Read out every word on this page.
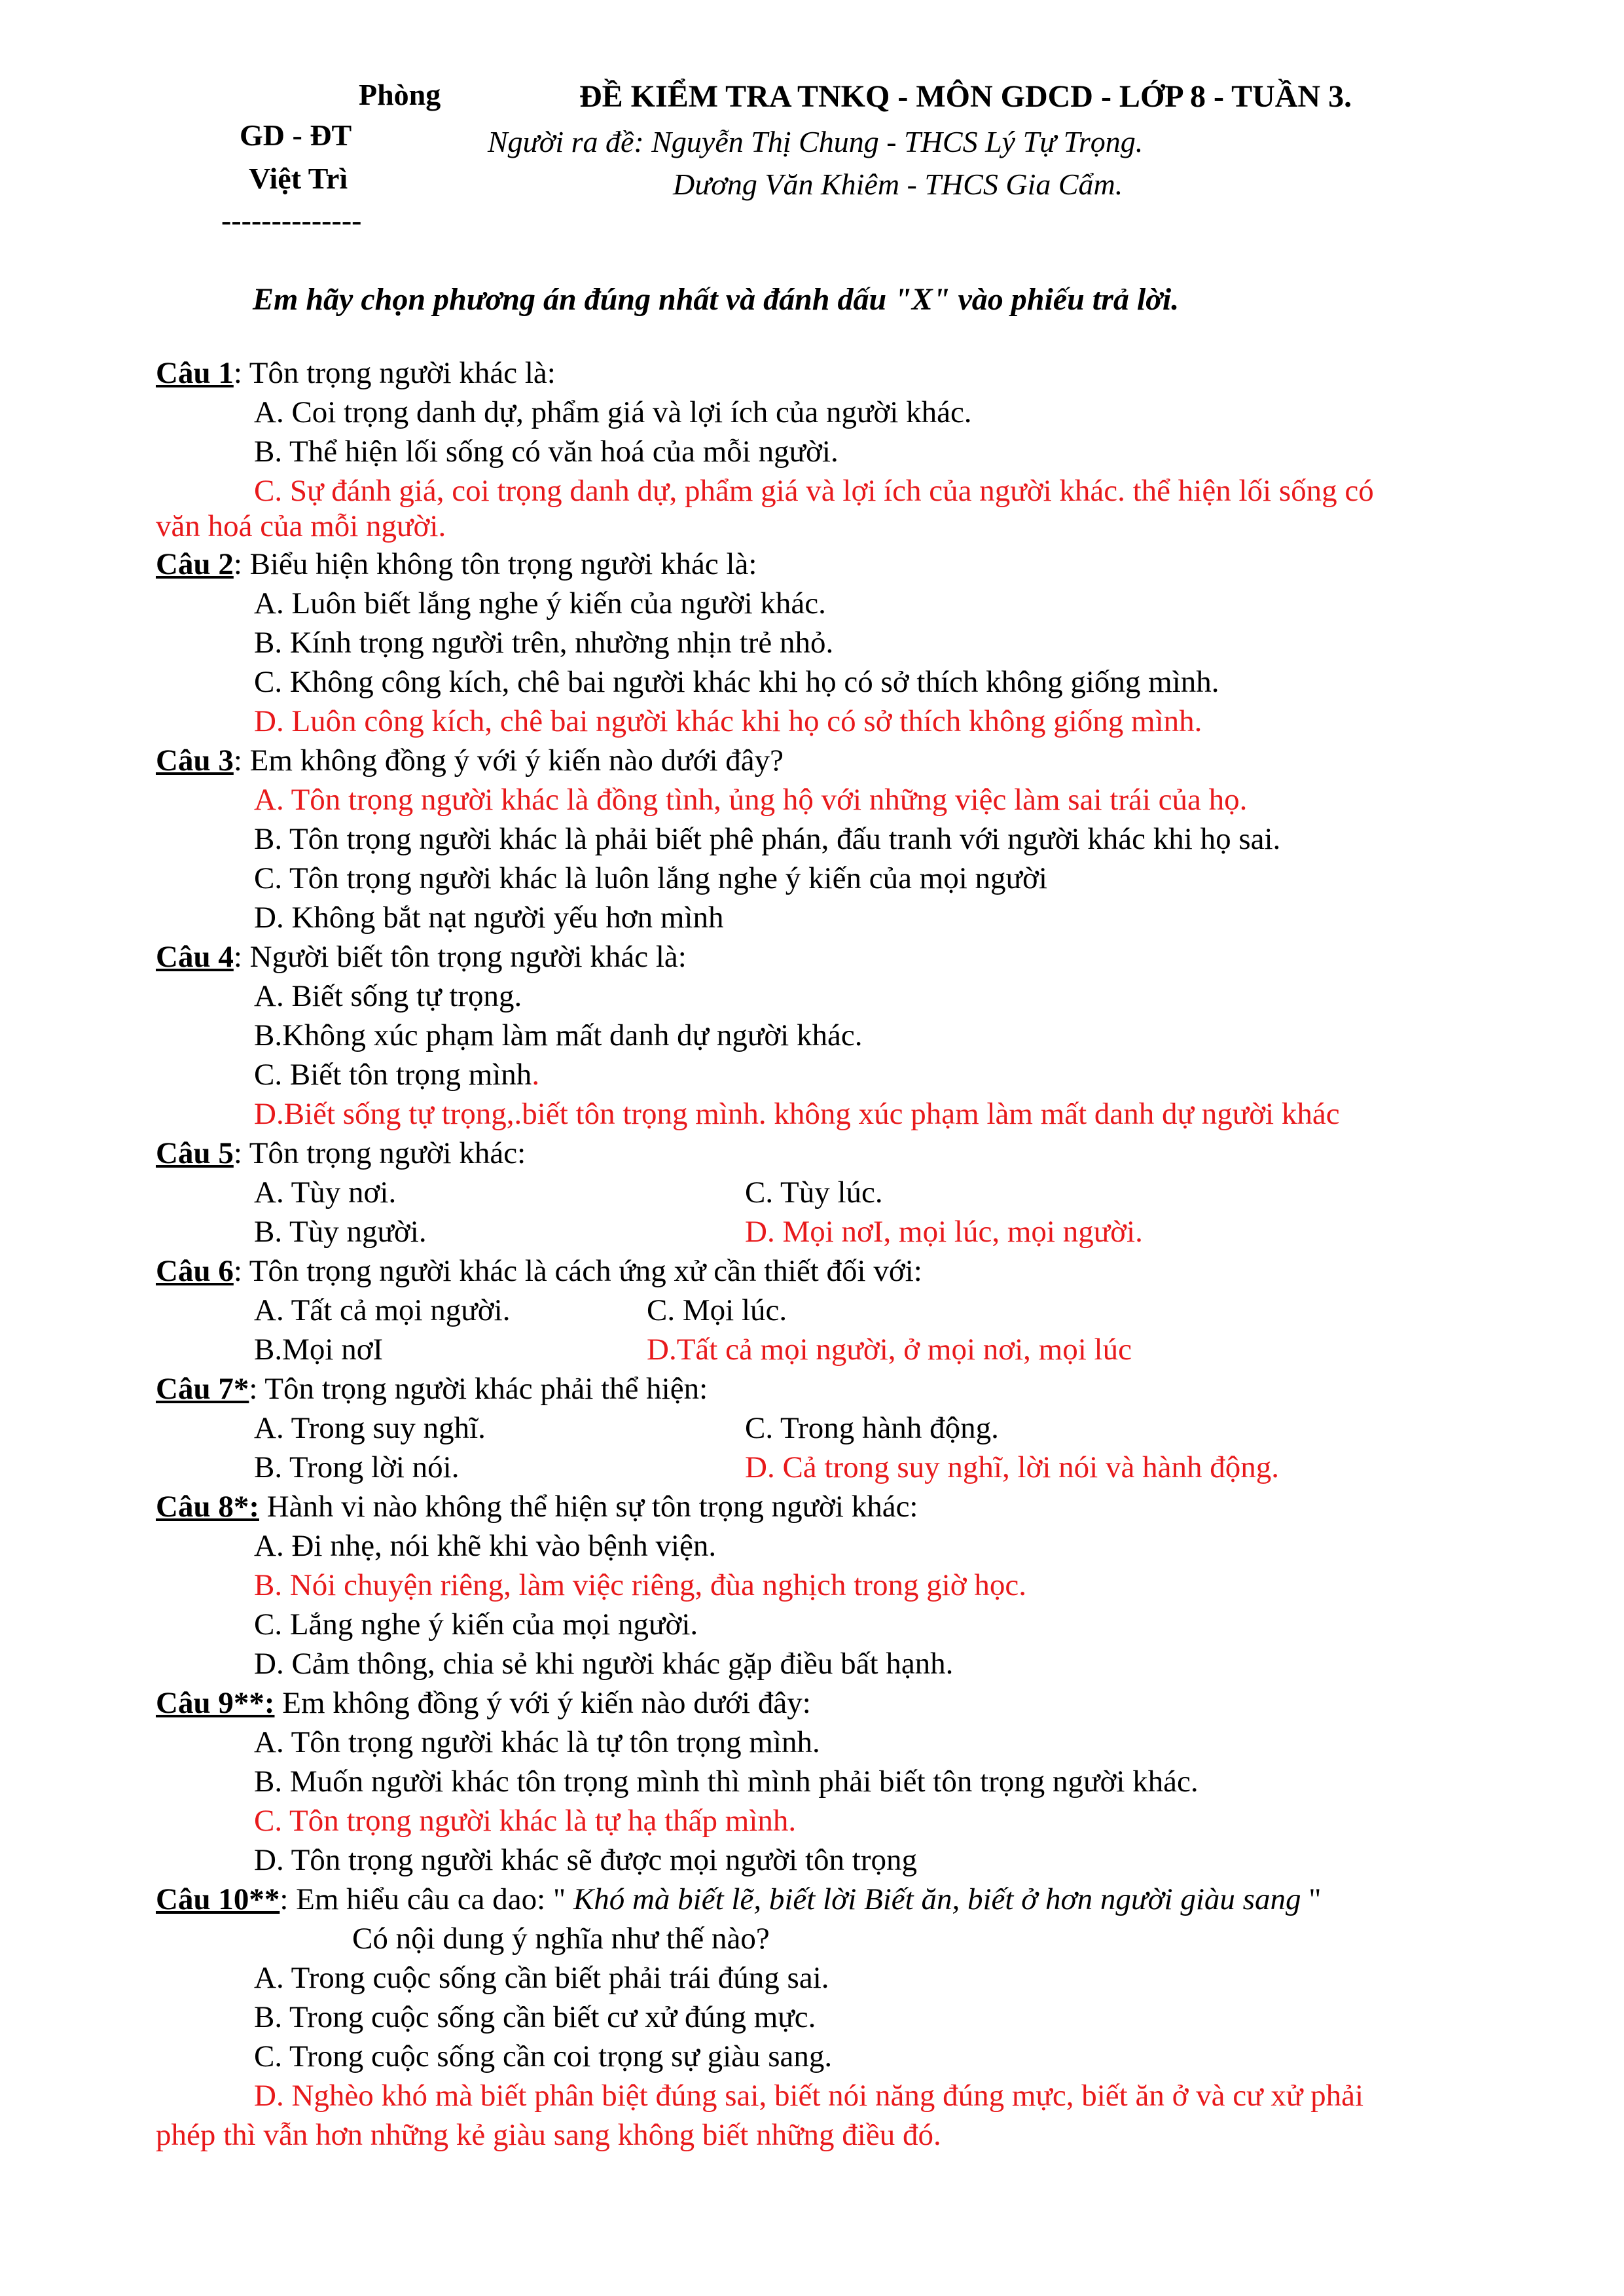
Phòng
GD - ĐT
Việt Trì
--------------
ĐỀ KIỂM TRA TNKQ - MÔN GDCD - LỚP 8 - TUẦN 3.
Người ra đề: Nguyễn Thị Chung - THCS Lý Tự Trọng.
Dương Văn Khiêm - THCS Gia Cẩm.
Em hãy chọn phương án đúng nhất và đánh dấu "X" vào phiếu trả lời.
Câu 1: Tôn trọng người khác là:
A. Coi trọng danh dự, phẩm giá và lợi ích của người khác.
B. Thể hiện lối sống có văn hoá của mỗi người.
C. Sự đánh giá, coi trọng danh dự, phẩm giá và lợi ích của người khác. thể hiện lối sống có
văn hoá của mỗi người.
Câu 2: Biểu hiện không tôn trọng người khác là:
A. Luôn biết lắng nghe ý kiến của người khác.
B. Kính trọng người trên, nhường nhịn trẻ nhỏ.
C. Không công kích, chê bai người khác khi họ có sở thích không giống mình.
D. Luôn công kích, chê bai người khác khi họ có sở thích không giống mình.
Câu 3: Em không đồng ý với ý kiến nào dưới đây?
A. Tôn trọng người khác là đồng tình, ủng hộ với những việc làm sai trái của họ.
B. Tôn trọng người khác là phải biết phê phán, đấu tranh với người khác khi họ sai.
C. Tôn trọng người khác là luôn lắng nghe ý kiến của mọi người
D. Không bắt nạt người yếu hơn mình
Câu 4: Người biết tôn trọng người khác là:
A. Biết sống tự trọng.
B.Không xúc phạm làm mất danh dự người khác.
C. Biết tôn trọng mình.
D.Biết sống tự trọng,.biết tôn trọng mình. không xúc phạm làm mất danh dự người khác
Câu 5: Tôn trọng người khác:
A. Tùy nơi.	C. Tùy lúc.
B. Tùy người.	D. Mọi nơI, mọi lúc, mọi người.
Câu 6: Tôn trọng người khác là cách ứng xử cần thiết đối với:
A. Tất cả mọi người.	C. Mọi lúc.
B.Mọi nơI	D.Tất cả mọi người, ở mọi nơi, mọi lúc
Câu 7*: Tôn trọng người khác phải thể hiện:
A. Trong suy nghĩ.	C. Trong hành động.
B. Trong lời nói.	D. Cả trong suy nghĩ, lời nói và hành động.
Câu 8*: Hành vi nào không thể hiện sự tôn trọng người khác:
A. Đi nhẹ, nói khẽ khi vào bệnh viện.
B. Nói chuyện riêng, làm việc riêng, đùa nghịch trong giờ học.
C. Lắng nghe ý kiến của mọi người.
D. Cảm thông, chia sẻ khi người khác gặp điều bất hạnh.
Câu 9**: Em không đồng ý với ý kiến nào dưới đây:
A. Tôn trọng người khác là tự tôn trọng mình.
B. Muốn người khác tôn trọng mình thì mình phải biết tôn trọng người khác.
C. Tôn trọng người khác là tự hạ thấp mình.
D. Tôn trọng người khác sẽ được mọi người tôn trọng
Câu 10**: Em hiểu câu ca dao: " Khó mà biết lẽ, biết lời Biết ăn, biết ở hơn người giàu sang "
Có nội dung ý nghĩa như thế nào?
A. Trong cuộc sống cần biết phải trái đúng sai.
B. Trong cuộc sống cần biết cư xử đúng mực.
C. Trong cuộc sống cần coi trọng sự giàu sang.
D. Nghèo khó mà biết phân biệt đúng sai, biết nói năng đúng mực, biết ăn ở và cư xử phải
phép thì vẫn hơn những kẻ giàu sang không biết những điều đó.
